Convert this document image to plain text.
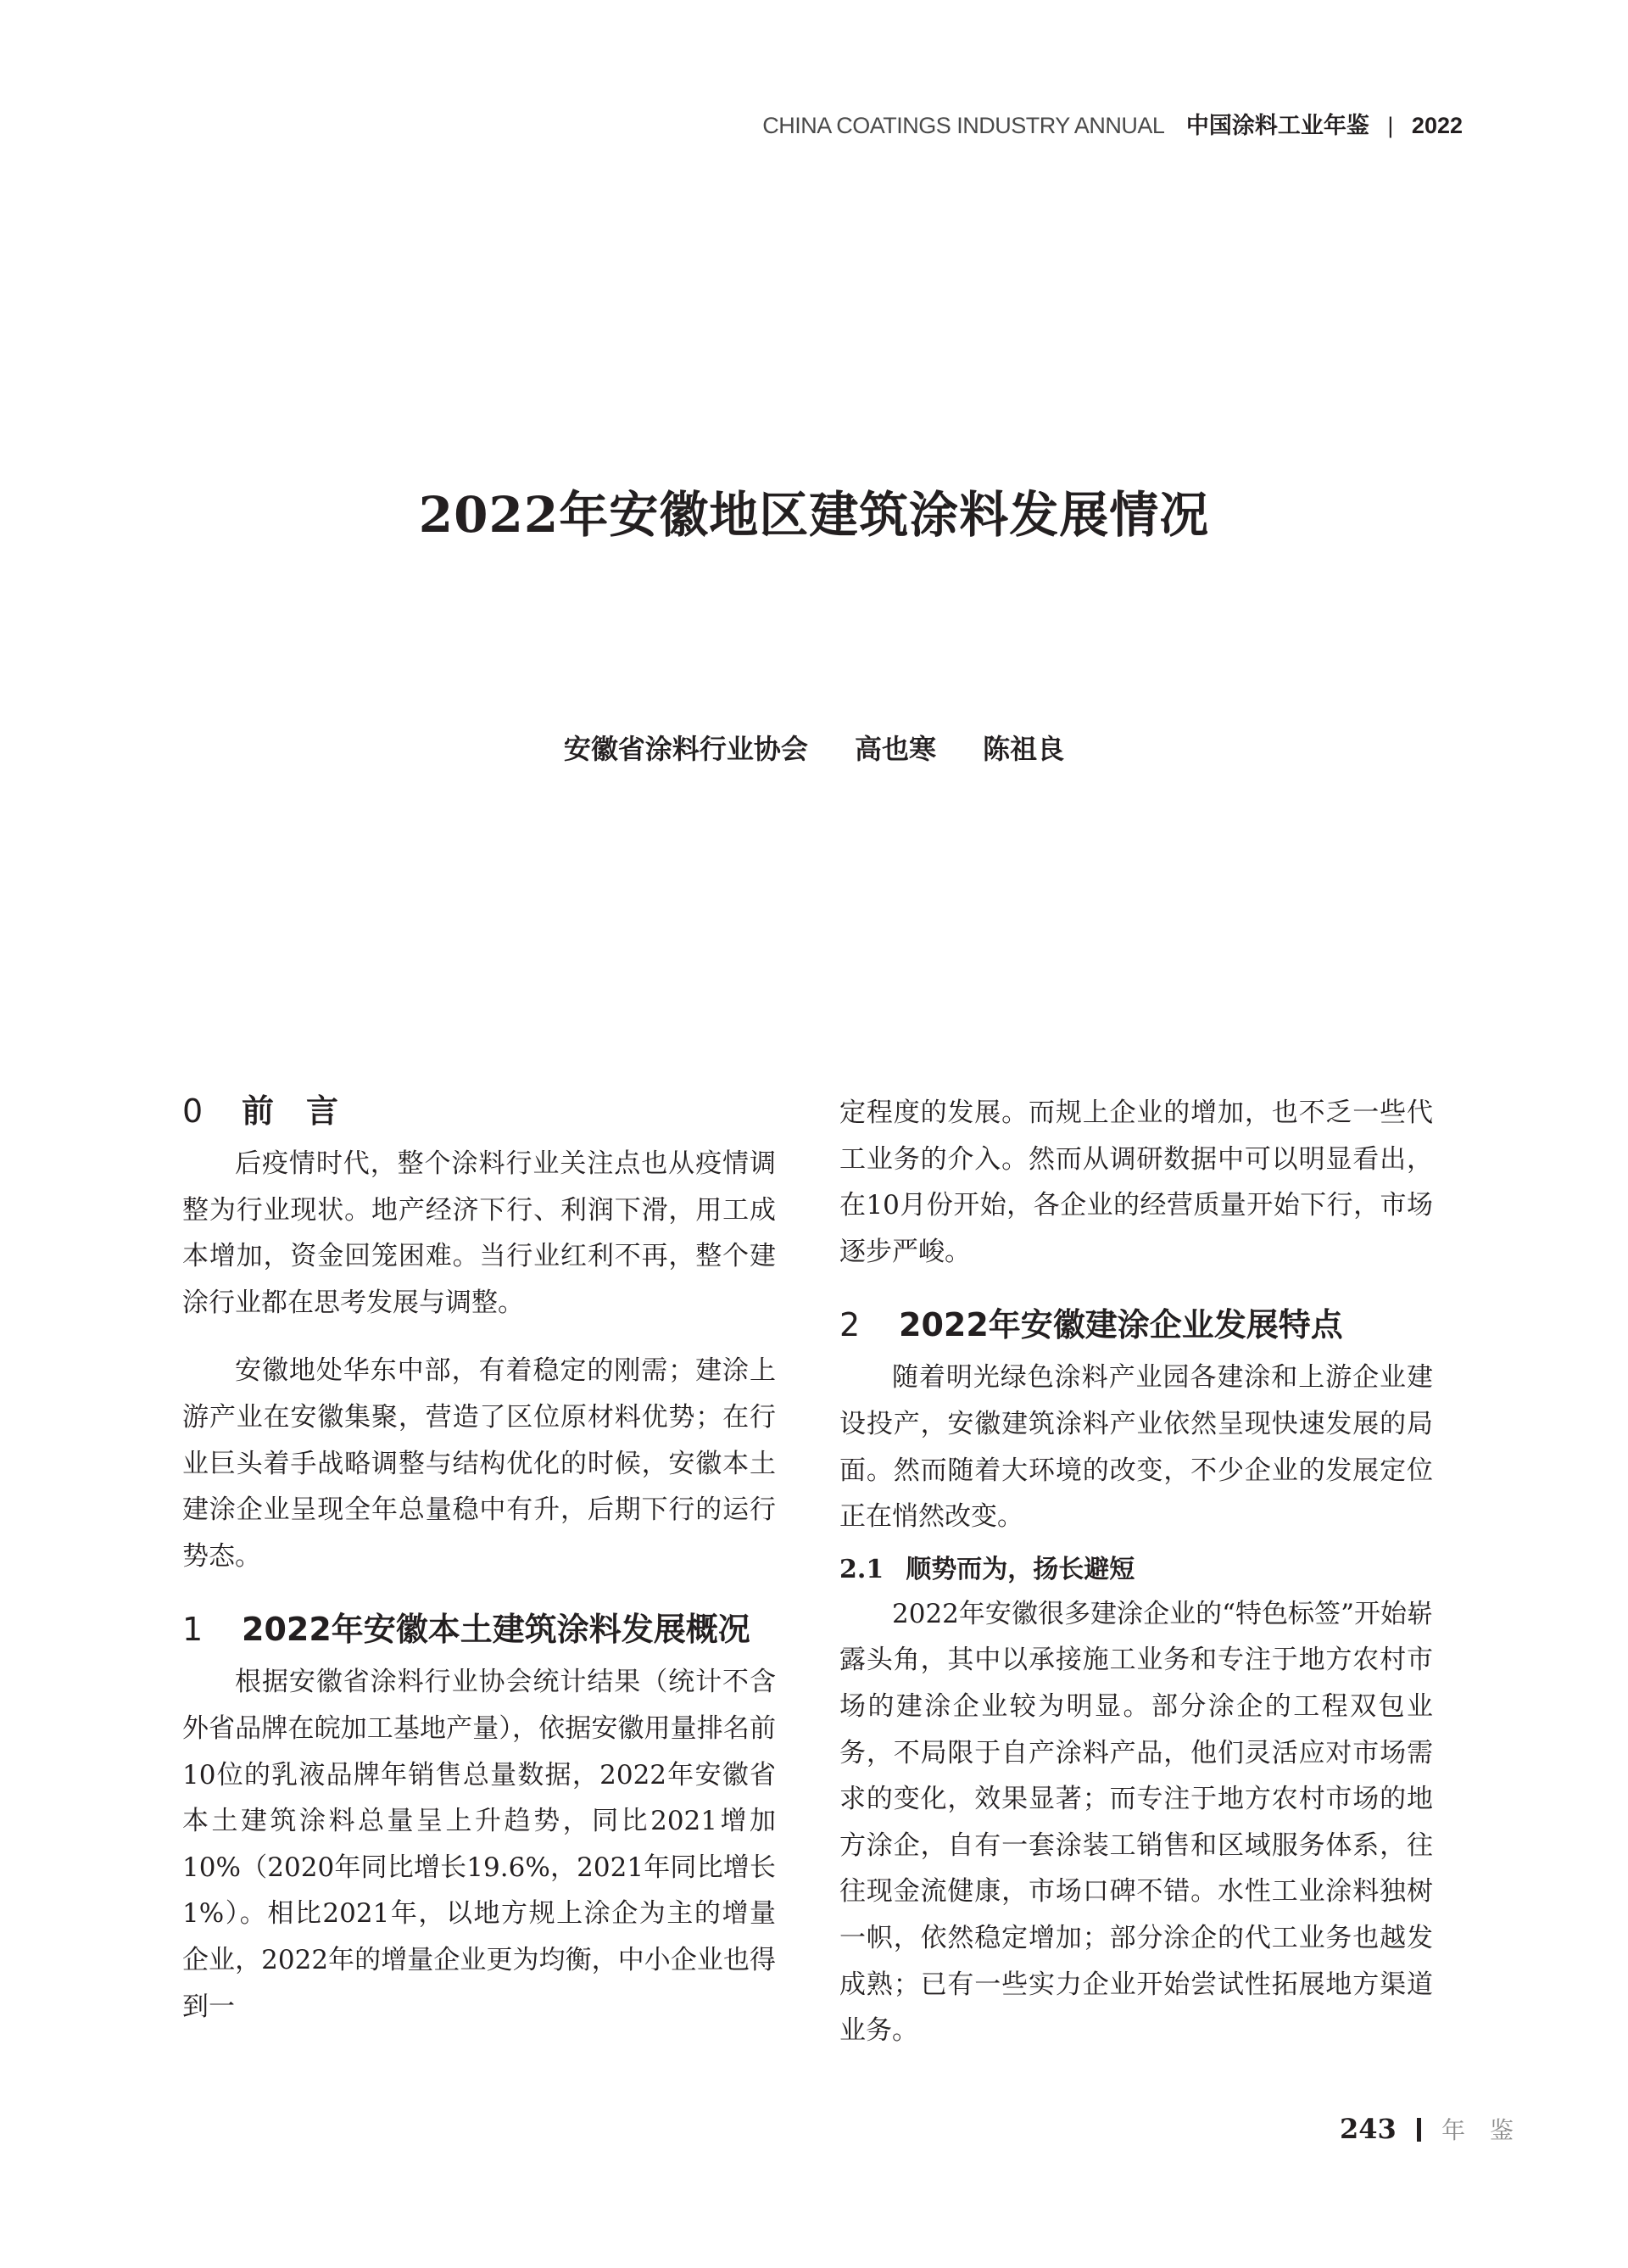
CHINA COATINGS INDUSTRY ANNUAL 中国涂料工业年鉴 | 2022
2022年安徽地区建筑涂料发展情况
安徽省涂料行业协会 高也寒 陈祖良
0	前　言

后疫情时代，整个涂料行业关注点也从疫情调整为行业现状。地产经济下行、利润下滑，用工成本增加，资金回笼困难。当行业红利不再，整个建涂行业都在思考发展与调整。

安徽地处华东中部，有着稳定的刚需；建涂上游产业在安徽集聚，营造了区位原材料优势；在行业巨头着手战略调整与结构优化的时候，安徽本土建涂企业呈现全年总量稳中有升，后期下行的运行势态。

1	2022年安徽本土建筑涂料发展概况

根据安徽省涂料行业协会统计结果（统计不含外省品牌在皖加工基地产量），依据安徽用量排名前10位的乳液品牌年销售总量数据，2022年安徽省本土建筑涂料总量呈上升趋势，同比2021增加10%（2020年同比增长19.6%，2021年同比增长1%）。相比2021年，以地方规上涂企为主的增量企业，2022年的增量企业更为均衡，中小企业也得到一

定程度的发展。而规上企业的增加，也不乏一些代工业务的介入。然而从调研数据中可以明显看出，在10月份开始，各企业的经营质量开始下行，市场逐步严峻。

2	2022年安徽建涂企业发展特点

随着明光绿色涂料产业园各建涂和上游企业建设投产，安徽建筑涂料产业依然呈现快速发展的局面。然而随着大环境的改变，不少企业的发展定位正在悄然改变。

2.1 顺势而为，扬长避短

2022年安徽很多建涂企业的“特色标签”开始崭露头角，其中以承接施工业务和专注于地方农村市场的建涂企业较为明显。部分涂企的工程双包业务，不局限于自产涂料产品，他们灵活应对市场需求的变化，效果显著；而专注于地方农村市场的地方涂企，自有一套涂装工销售和区域服务体系，往往现金流健康，市场口碑不错。水性工业涂料独树一帜，依然稳定增加；部分涂企的代工业务也越发成熟；已有一些实力企业开始尝试性拓展地方渠道业务。

243 年 鉴
